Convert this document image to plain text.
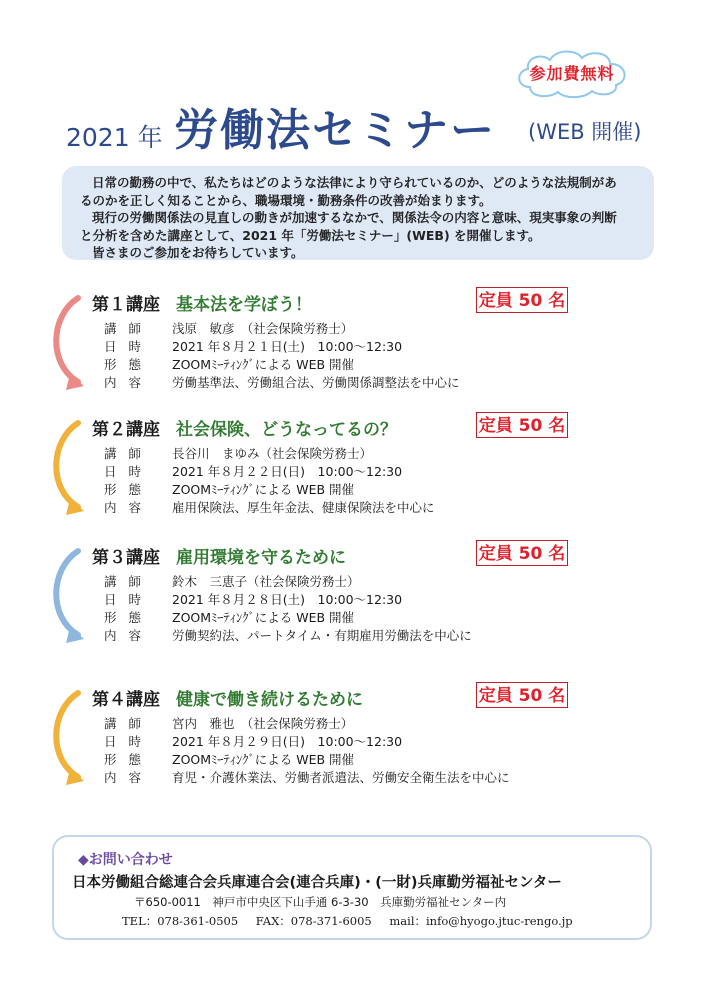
参加費無料
2021 年 労働法セミナー (WEB 開催)

日常の勤務の中で、私たちはどのような法律により守られているのか、どのような法規制があ

るのかを正しく知ることから、職場環境・勤務条件の改善が始まります。

現行の労働関係法の見直しの動きが加速するなかで、関係法令の内容と意味、現実事象の判断

と分析を含めた講座として、2021 年「労働法セミナー」(WEB) を開催します。

皆さまのご参加をお待ちしています。

第１講座 基本法を学ぼう！	定員 50 名
講師 浅原　敏彦　（社会保険労務士）
日時 2021 年８月２１日(土)　10:00～12:30
形態 ZOOMﾐｰﾃｨﾝｸﾞによる WEB 開催
内容 労働基準法、労働組合法、労働関係調整法を中心に
第２講座 社会保険、どうなってるの？	定員 50 名
講師 長谷川　まゆみ（社会保険労務士）
日時 2021 年８月２２日(日)　10:00～12:30
形態 ZOOMﾐｰﾃｨﾝｸﾞによる WEB 開催
内容 雇用保険法、厚生年金法、健康保険法を中心に
第３講座 雇用環境を守るために	定員 50 名
講師 鈴木　三恵子（社会保険労務士）
日時 2021 年８月２８日(土)　10:00～12:30
形態 ZOOMﾐｰﾃｨﾝｸﾞによる WEB 開催
内容 労働契約法、パートタイム・有期雇用労働法を中心に
第４講座 健康で働き続けるために	定員 50 名
講師 宮内　雅也　（社会保険労務士）
日時 2021 年８月２９日(日)　10:00～12:30
形態 ZOOMﾐｰﾃｨﾝｸﾞによる WEB 開催
内容 育児・介護休業法、労働者派遣法、労働安全衛生法を中心に
◆お問い合わせ
日本労働組合総連合会兵庫連合会(連合兵庫)・(一財)兵庫勤労福祉センター
〒650-0011　神戸市中央区下山手通 6-3-30　兵庫勤労福祉センター内
TEL：078-361-0505 FAX：078-371-6005 mail：info@hyogo.jtuc-rengo.jp
